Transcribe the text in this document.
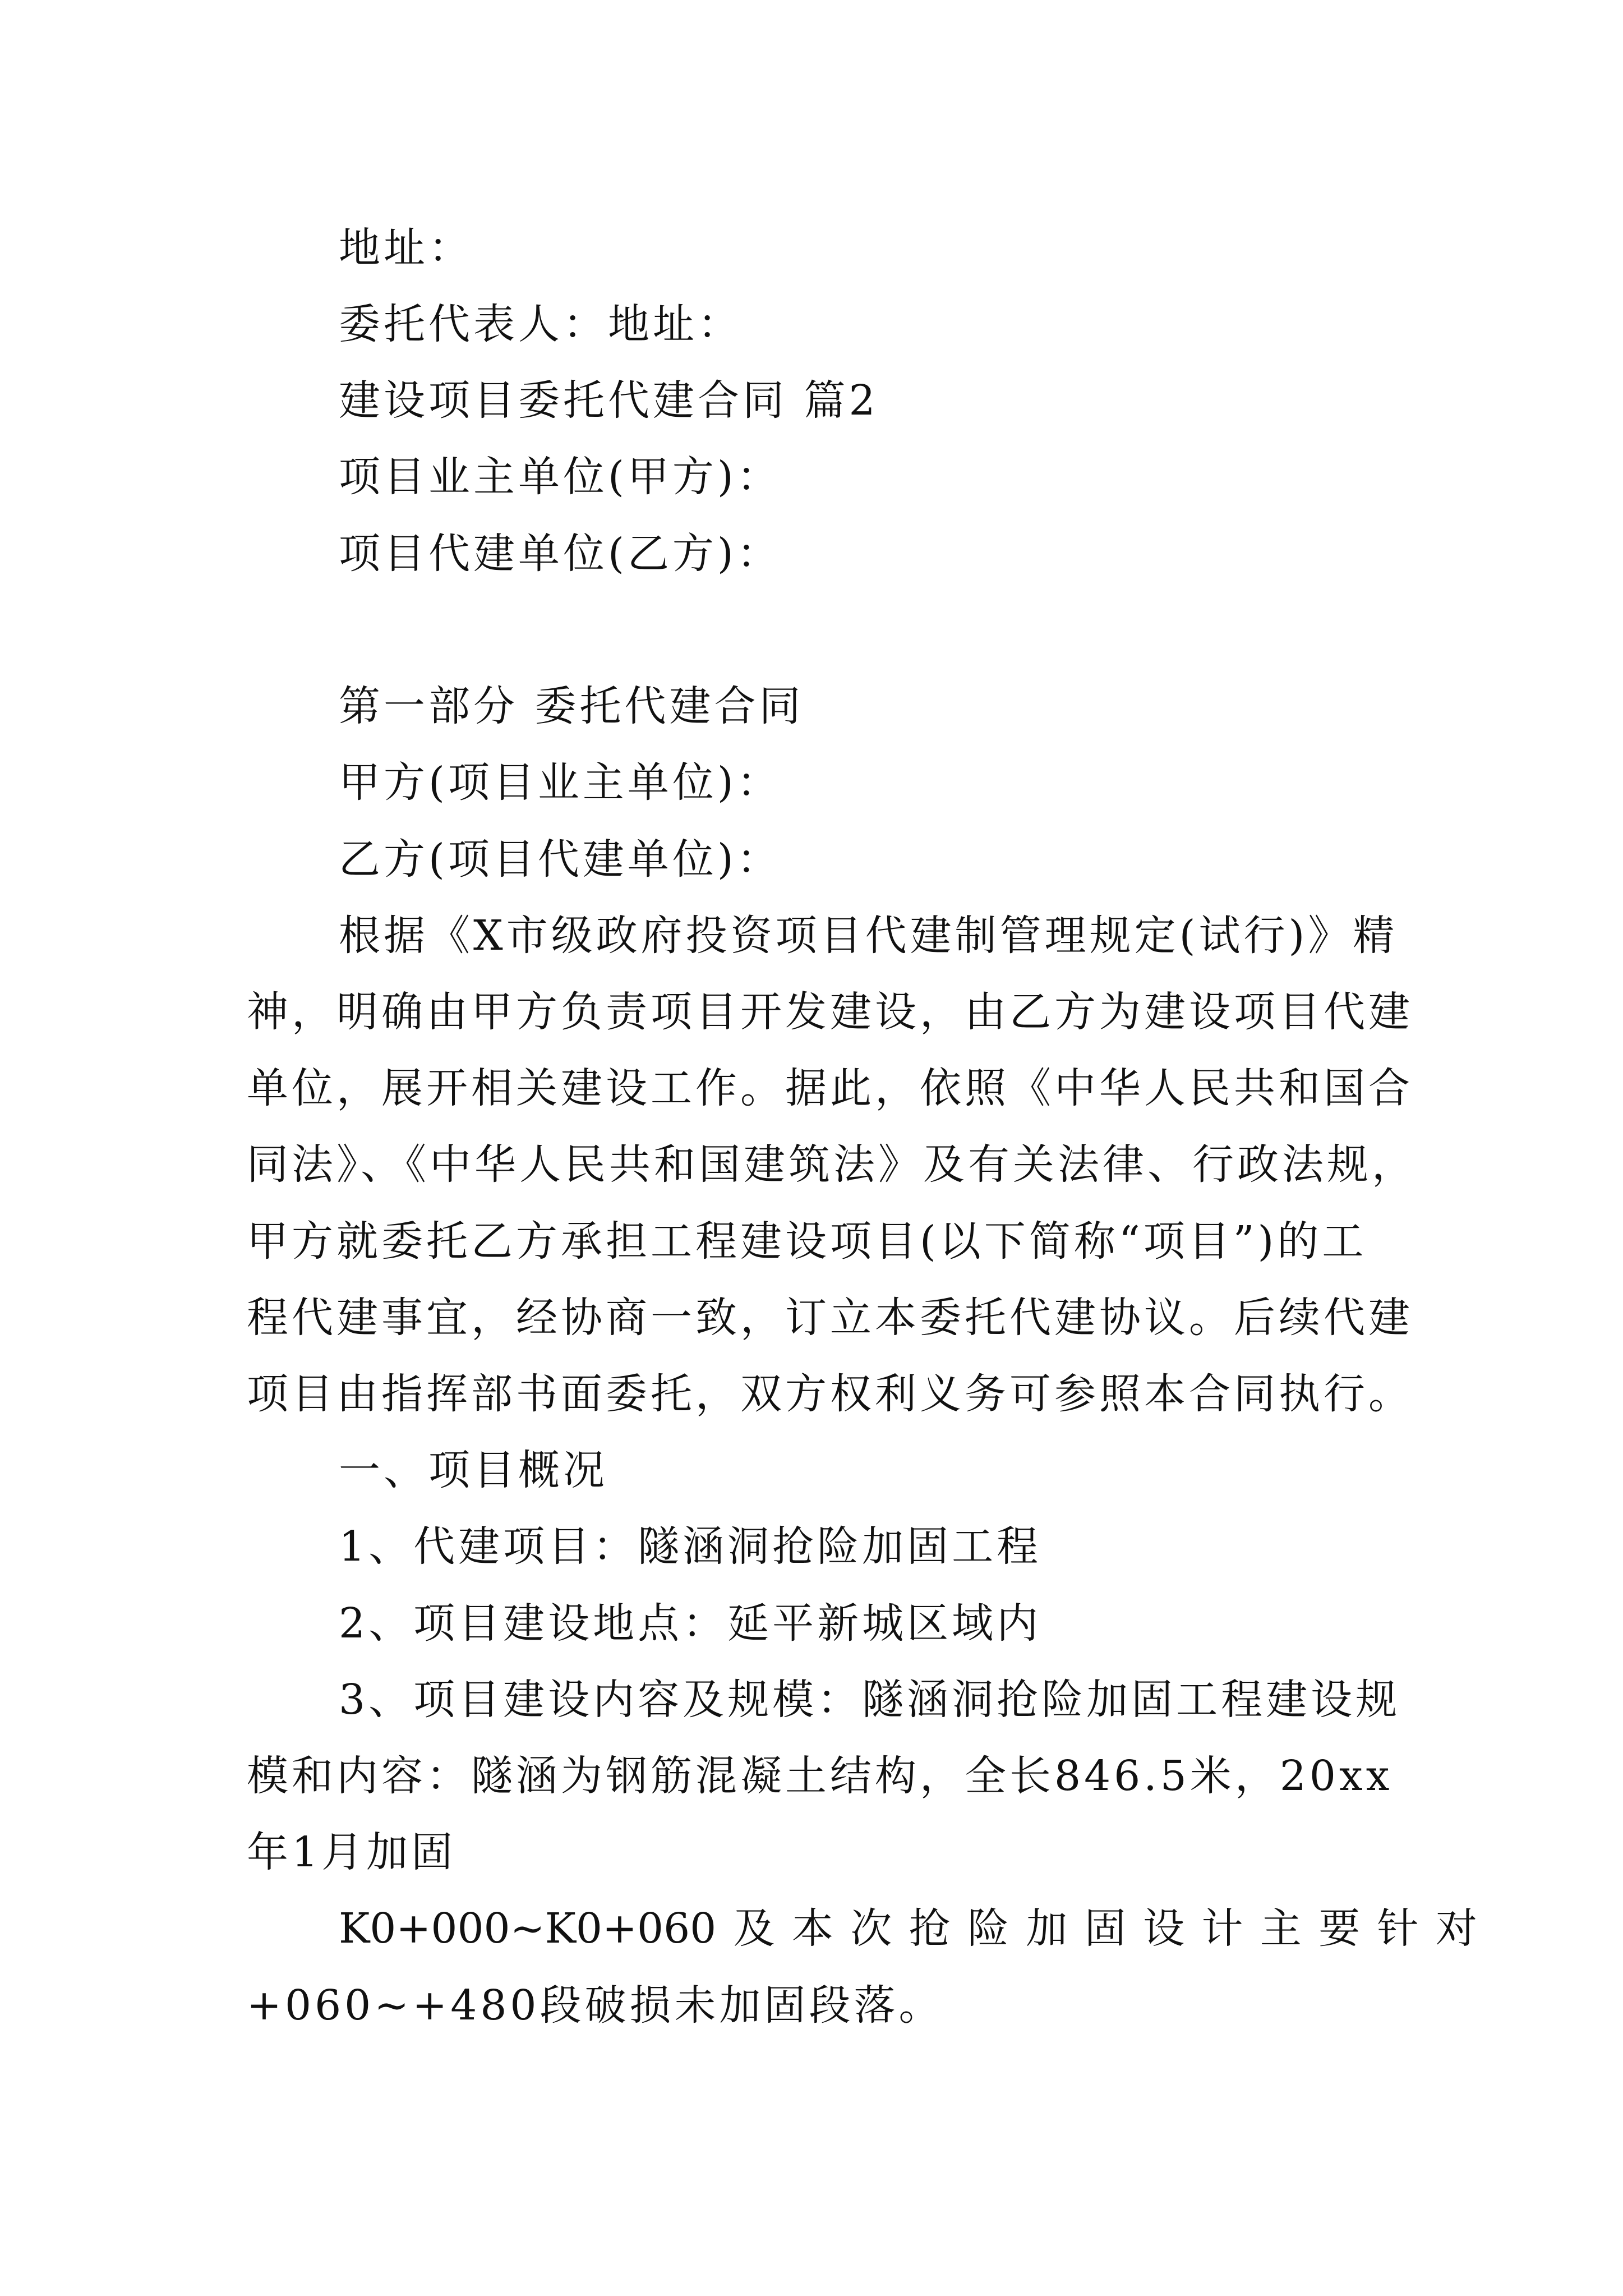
地址：

委托代表人：地址：

建设项目委托代建合同 篇2

项目业主单位(甲方)：

项目代建单位(乙方)：

第一部分 委托代建合同

甲方(项目业主单位)：

乙方(项目代建单位)：

根据《X市级政府投资项目代建制管理规定(试行)》精

神，明确由甲方负责项目开发建设，由乙方为建设项目代建

单位，展开相关建设工作。据此，依照《中华人民共和国合

同法》、《中华人民共和国建筑法》及有关法律、行政法规，

甲方就委托乙方承担工程建设项目(以下简称“项目”)的工

程代建事宜，经协商一致，订立本委托代建协议。后续代建

项目由指挥部书面委托，双方权利义务可参照本合同执行。

一、项目概况

1、代建项目：隧涵洞抢险加固工程

2、项目建设地点：延平新城区域内

3、项目建设内容及规模：隧涵洞抢险加固工程建设规

模和内容：隧涵为钢筋混凝土结构，全长846.5米，20xx

年1月加固

K0+000~K0+060 及 本 次 抢 险 加 固 设 计 主 要 针 对

+060~+480段破损未加固段落。
